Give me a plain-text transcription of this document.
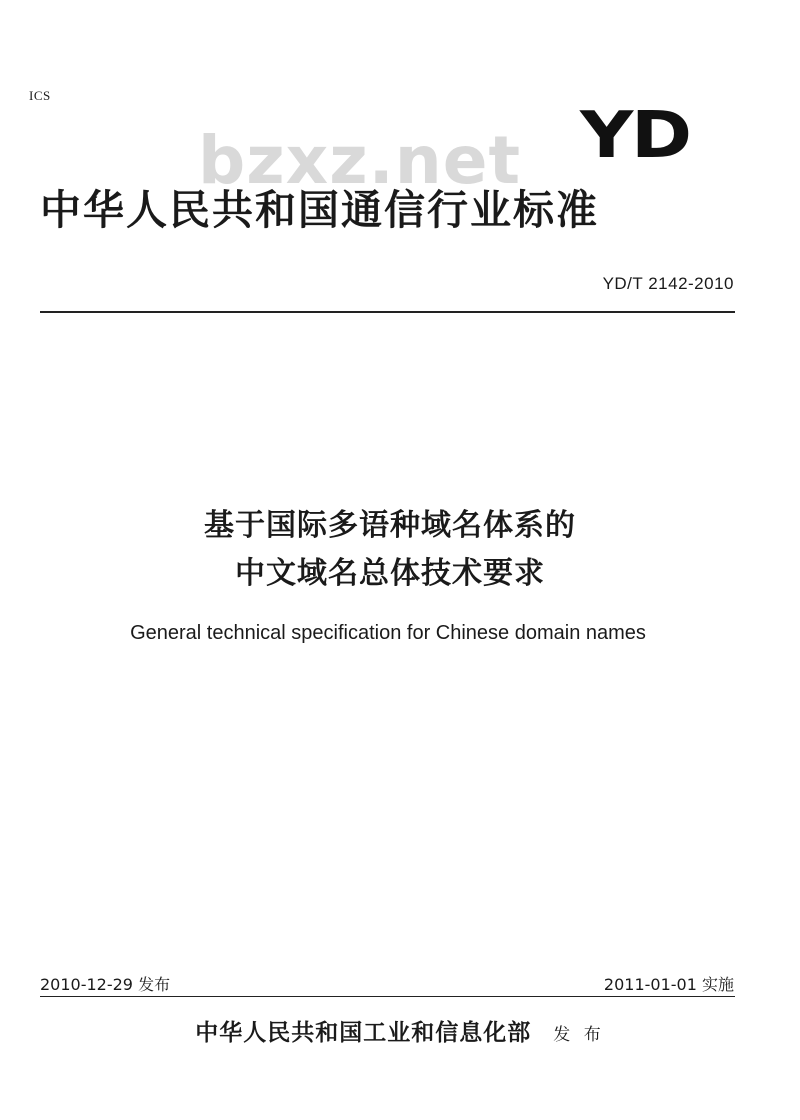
ICS
bzxz.net YD
中华人民共和国通信行业标准
YD/T 2142-2010
基于国际多语种域名体系的
中文域名总体技术要求
General technical specification for Chinese domain names
2010-12-29 发布	2011-01-01 实施
中华人民共和国工业和信息化部 发 布
